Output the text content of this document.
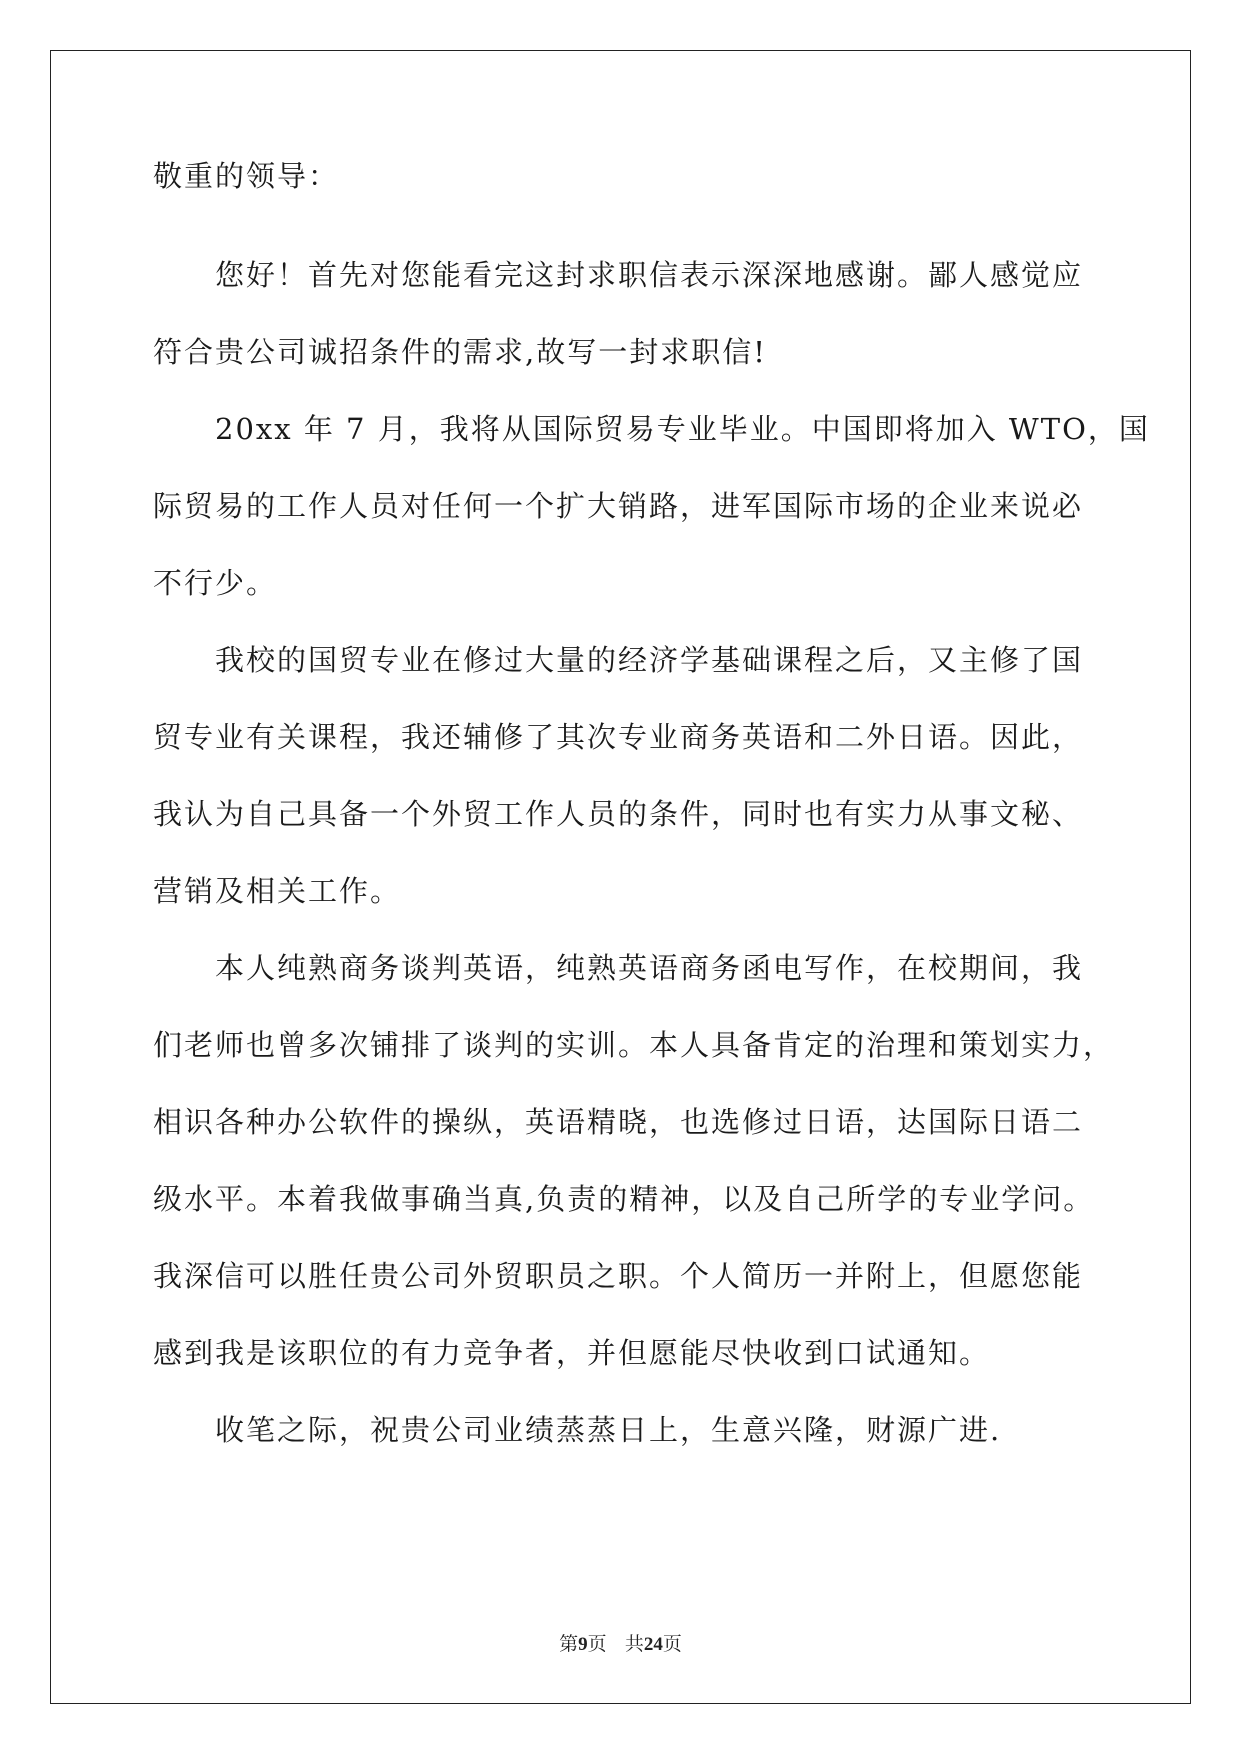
敬重的领导：

　　您好！首先对您能看完这封求职信表示深深地感谢。鄙人感觉应

符合贵公司诚招条件的需求,故写一封求职信!

　　20xx 年 7 月，我将从国际贸易专业毕业。中国即将加入 WTO，国

际贸易的工作人员对任何一个扩大销路，进军国际市场的企业来说必

不行少。

　　我校的国贸专业在修过大量的经济学基础课程之后，又主修了国

贸专业有关课程，我还辅修了其次专业商务英语和二外日语。因此，

我认为自己具备一个外贸工作人员的条件，同时也有实力从事文秘、

营销及相关工作。

　　本人纯熟商务谈判英语，纯熟英语商务函电写作，在校期间，我

们老师也曾多次铺排了谈判的实训。本人具备肯定的治理和策划实力，

相识各种办公软件的操纵，英语精晓，也选修过日语，达国际日语二

级水平。本着我做事确当真,负责的精神，以及自己所学的专业学问。

我深信可以胜任贵公司外贸职员之职。个人简历一并附上，但愿您能

感到我是该职位的有力竞争者，并但愿能尽快收到口试通知。

　　收笔之际，祝贵公司业绩蒸蒸日上，生意兴隆，财源广进.

第9页 共24页
